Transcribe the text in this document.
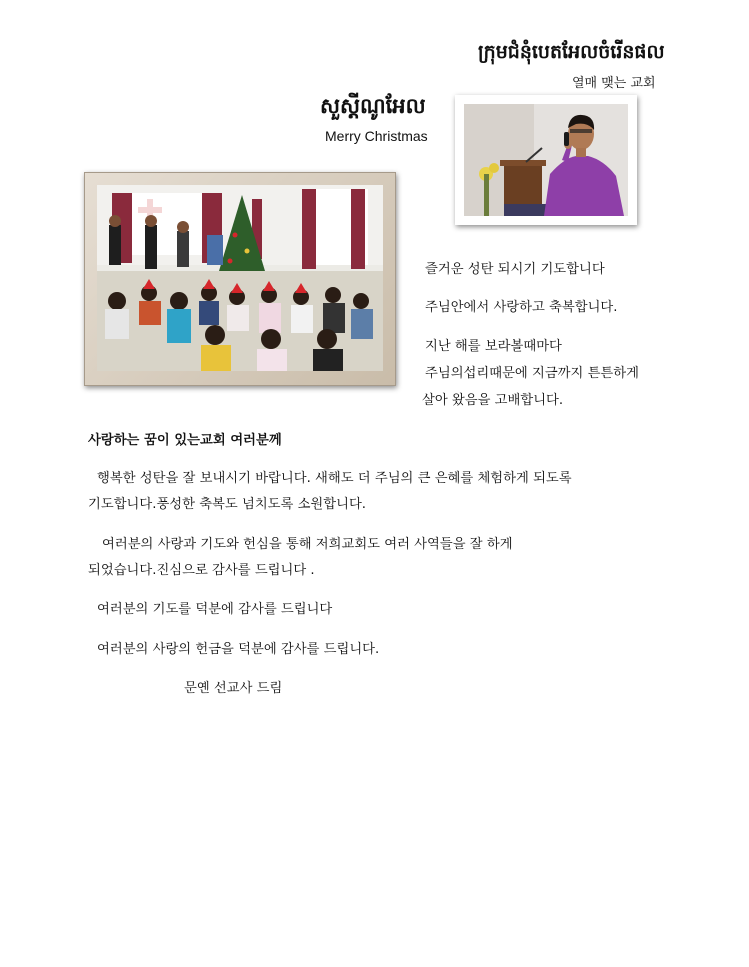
ក្រុមជំនុំបេតអែលចំរើនផល
열매 맺는 교회
សួស្តីណូអែល
Merry Christmas
즐거운 성탄 되시기 기도합니다
주님안에서 사랑하고 축복합니다.
지난 해를 보라볼때마다
주님의섭리때문에 지금까지 튼튼하게
살아 왔음을 고배합니다.
사랑하는 꿈이 있는교회 여러분께
행복한 성탄을 잘 보내시기 바랍니다. 새해도 더 주님의 큰 은혜를 체험하게 되도록
기도합니다.풍성한 축복도 넘치도록 소원합니다.
여러분의 사랑과 기도와 헌심을 통해 저희교회도 여러 사역들을 잘 하게
되었습니다.진심으로 감사를 드립니다 .
여러분의 기도를 덕분에 감사를 드립니다
여러분의 사랑의 헌금을 덕분에 감사를 드립니다.
문옌 선교사 드림
